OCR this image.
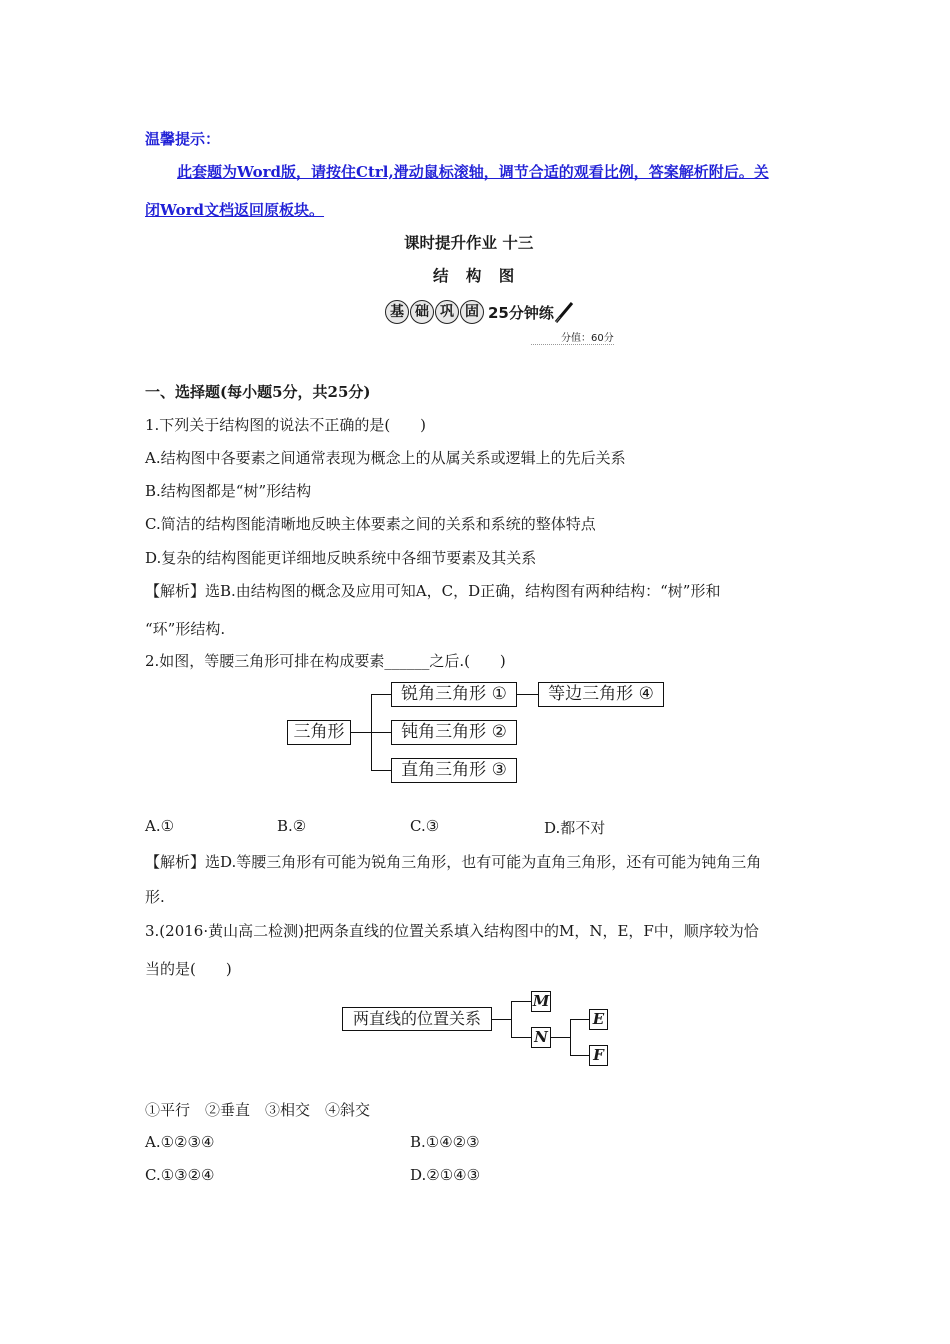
温馨提示：
此套题为Word版，请按住Ctrl,滑动鼠标滚轴，调节合适的观看比例，答案解析附后。关
闭Word文档返回原板块。
课时提升作业 十三
结 构 图
基 础 巩 固 25分钟练
分值：60分
一、选择题(每小题5分，共25分)
1.下列关于结构图的说法不正确的是(　　)
A.结构图中各要素之间通常表现为概念上的从属关系或逻辑上的先后关系
B.结构图都是“树”形结构
C.简洁的结构图能清晰地反映主体要素之间的关系和系统的整体特点
D.复杂的结构图能更详细地反映系统中各细节要素及其关系
【解析】选B.由结构图的概念及应用可知A，C，D正确，结构图有两种结构：“树”形和
“环”形结构.
2.如图，等腰三角形可排在构成要素______之后.(　　)
三角形
锐角三角形 ①	等边三角形 ④
钝角三角形 ②
直角三角形 ③
A.①	B.②	C.③	D.都不对
【解析】选D.等腰三角形有可能为锐角三角形，也有可能为直角三角形，还有可能为钝角三角
形.
3.(2016·黄山高二检测)把两条直线的位置关系填入结构图中的M，N，E，F中，顺序较为恰
当的是(　　)
两直线的位置关系
M
N
E
F
①平行　②垂直　③相交　④斜交
A.①②③④	B.①④②③
C.①③②④	D.②①④③
